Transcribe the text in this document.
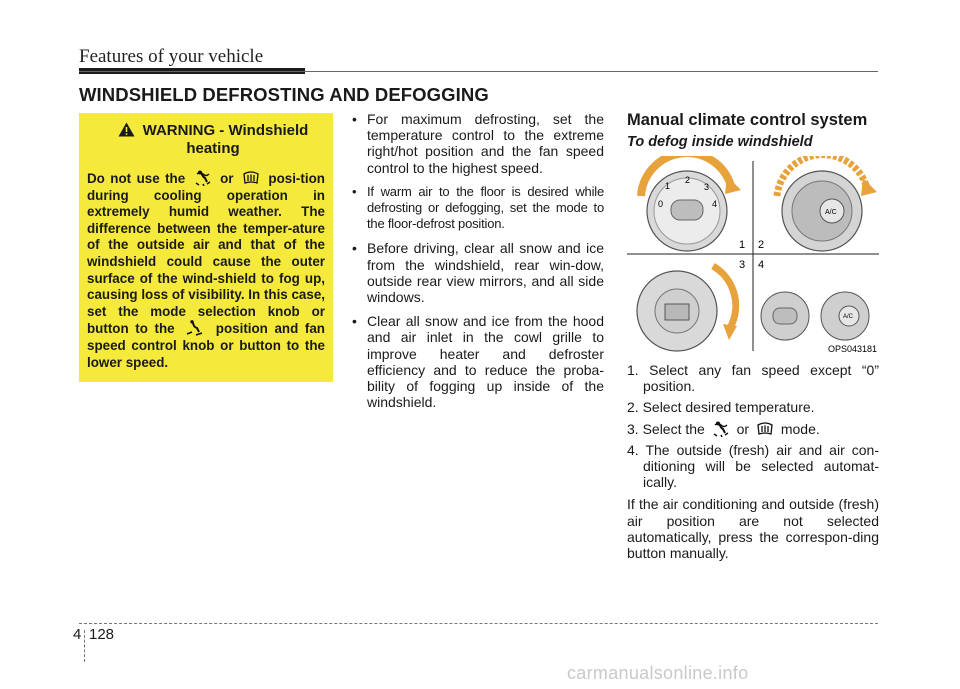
Features of your vehicle
WINDSHIELD DEFROSTING AND DEFOGGING
WARNING - Windshield heating
Do not use the	or	posi-tion during cooling operation in extremely humid weather. The difference between the temper-ature of the outside air and that of the windshield could cause the outer surface of the wind-shield to fog up, causing loss of visibility. In this case, set the mode selection knob or button to the	position and fan speed control knob or button to the lower speed.
• For maximum defrosting, set the temperature control to the extreme right/hot position and the fan speed control to the highest speed.
• If warm air to the floor is desired while defrosting or defogging, set the mode to the floor-defrost position.
• Before driving, clear all snow and ice from the windshield, rear win-dow, outside rear view mirrors, and all side windows.
• Clear all snow and ice from the hood and air inlet in the cowl grille to improve heater and defroster efficiency and to reduce the proba-bility of fogging up inside of the windshield.
Manual climate control system
To defog inside windshield
1
2
3
0	4
A/C
1 2
3 4
A/C
OPS043181
1. Select any fan speed except “0” position.
2. Select desired temperature.
3. Select the or mode.
4. The outside (fresh) air and air con-ditioning will be selected automat-ically.

If the air conditioning and outside (fresh) air position are not selected automatically, press the correspon-ding button manually.

4 128
carmanualsonline.info
